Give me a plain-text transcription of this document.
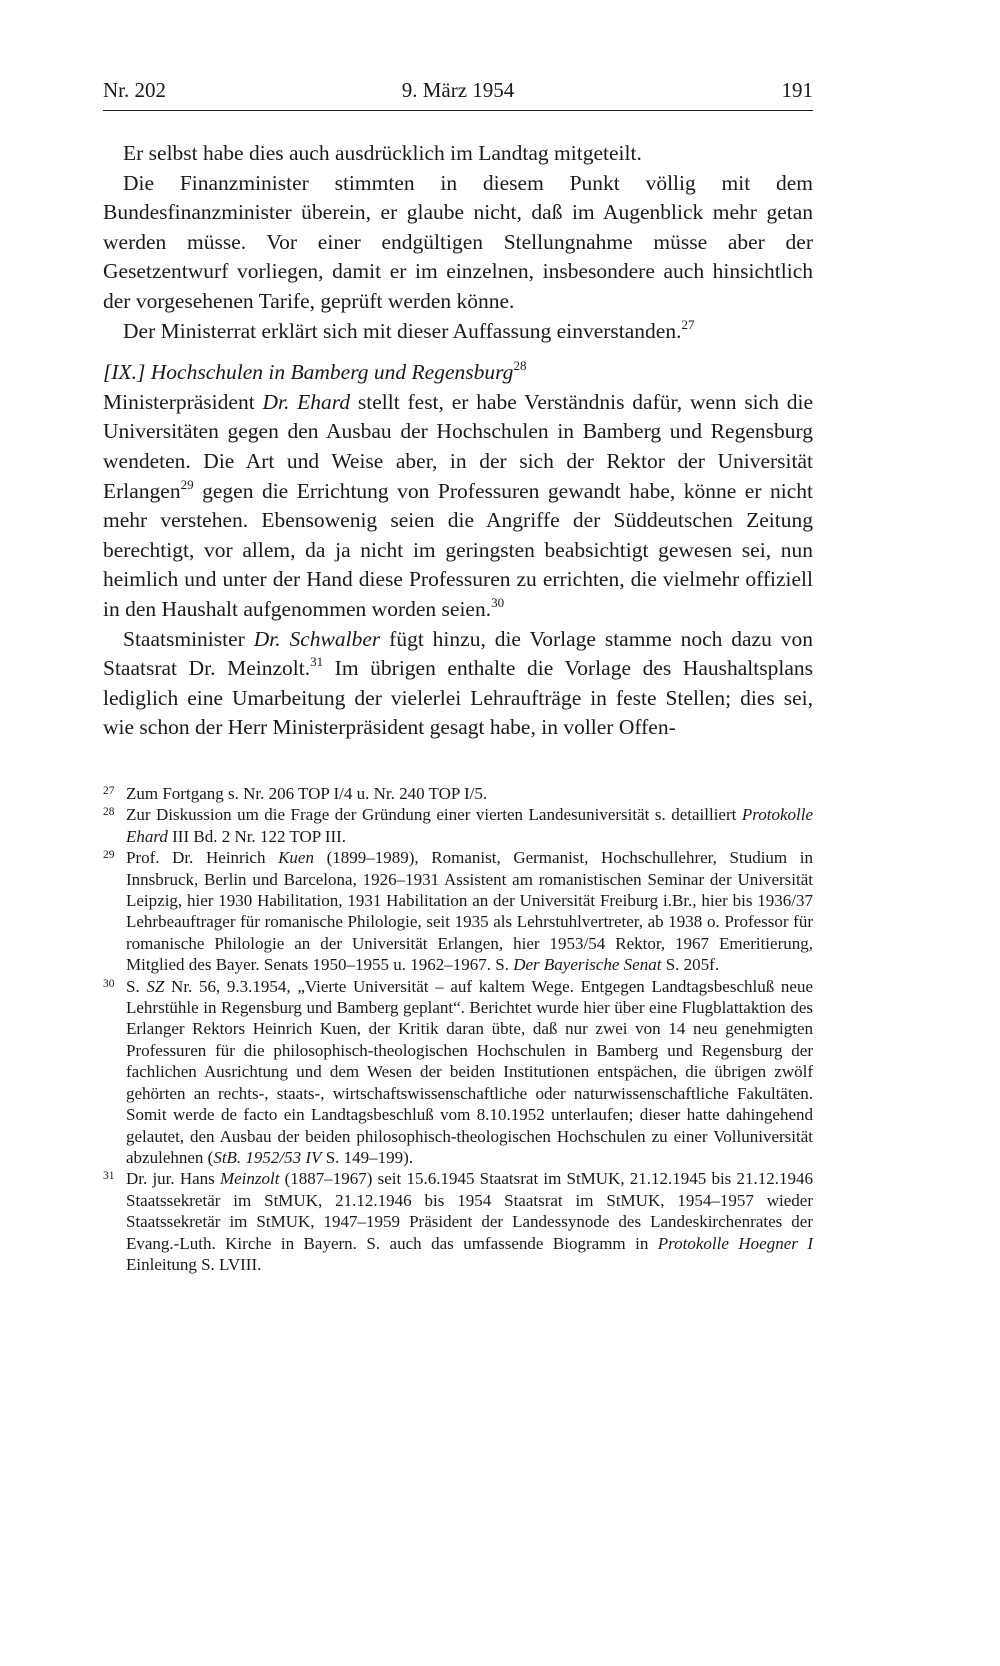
Nr. 202	9. März 1954	191

Er selbst habe dies auch ausdrücklich im Landtag mitgeteilt.

Die Finanzminister stimmten in diesem Punkt völlig mit dem Bundesfinanzminister überein, er glaube nicht, daß im Augenblick mehr getan werden müsse. Vor einer endgültigen Stellungnahme müsse aber der Gesetzentwurf vorliegen, damit er im einzelnen, insbesondere auch hinsichtlich der vorgesehenen Tarife, geprüft werden könne.

Der Ministerrat erklärt sich mit dieser Auffassung einverstanden.$^{27}$

[IX.] Hochschulen in Bamberg und Regensburg$^{28}$

Ministerpräsident Dr. Ehard stellt fest, er habe Verständnis dafür, wenn sich die Universitäten gegen den Ausbau der Hochschulen in Bamberg und Regensburg wendeten. Die Art und Weise aber, in der sich der Rektor der Universität Erlangen$^{29}$ gegen die Errichtung von Professuren gewandt habe, könne er nicht mehr verstehen. Ebensowenig seien die Angriffe der Süddeutschen Zeitung berechtigt, vor allem, da ja nicht im geringsten beabsichtigt gewesen sei, nun heimlich und unter der Hand diese Professuren zu errichten, die vielmehr offiziell in den Haushalt aufgenommen worden seien.$^{30}$

Staatsminister Dr. Schwalber fügt hinzu, die Vorlage stamme noch dazu von Staatsrat Dr. Meinzolt.$^{31}$ Im übrigen enthalte die Vorlage des Haushaltsplans lediglich eine Umarbeitung der vielerlei Lehraufträge in feste Stellen; dies sei, wie schon der Herr Ministerpräsident gesagt habe, in voller Offen-

27 Zum Fortgang s. Nr. 206 TOP I/4 u. Nr. 240 TOP I/5.

28 Zur Diskussion um die Frage der Gründung einer vierten Landesuniversität s. detailliert Protokolle Ehard III Bd. 2 Nr. 122 TOP III.

29 Prof. Dr. Heinrich Kuen (1899–1989), Romanist, Germanist, Hochschullehrer, Studium in Innsbruck, Berlin und Barcelona, 1926–1931 Assistent am romanistischen Seminar der Universität Leipzig, hier 1930 Habilitation, 1931 Habilitation an der Universität Freiburg i.Br., hier bis 1936/37 Lehrbeauftrager für romanische Philologie, seit 1935 als Lehrstuhlvertreter, ab 1938 o. Professor für romanische Philologie an der Universität Erlangen, hier 1953/54 Rektor, 1967 Emeritierung, Mitglied des Bayer. Senats 1950–1955 u. 1962–1967. S. Der Bayerische Senat S. 205f.

30 S. SZ Nr. 56, 9.3.1954, „Vierte Universität – auf kaltem Wege. Entgegen Landtagsbeschluß neue Lehrstühle in Regensburg und Bamberg geplant“. Berichtet wurde hier über eine Flugblattaktion des Erlanger Rektors Heinrich Kuen, der Kritik daran übte, daß nur zwei von 14 neu genehmigten Professuren für die philosophisch-theologischen Hochschulen in Bamberg und Regensburg der fachlichen Ausrichtung und dem Wesen der beiden Institutionen entspächen, die übrigen zwölf gehörten an rechts-, staats-, wirtschaftswissenschaftliche oder naturwissenschaftliche Fakultäten. Somit werde de facto ein Landtagsbeschluß vom 8.10.1952 unterlaufen; dieser hatte dahingehend gelautet, den Ausbau der beiden philosophisch-theologischen Hochschulen zu einer Volluniversität abzulehnen (StB. 1952/53 IV S. 149–199).

31 Dr. jur. Hans Meinzolt (1887–1967) seit 15.6.1945 Staatsrat im StMUK, 21.12.1945 bis 21.12.1946 Staatssekretär im StMUK, 21.12.1946 bis 1954 Staatsrat im StMUK, 1954–1957 wieder Staatssekretär im StMUK, 1947–1959 Präsident der Landessynode des Landeskirchenrates der Evang.-Luth. Kirche in Bayern. S. auch das umfassende Biogramm in Protokolle Hoegner I Einleitung S. LVIII.
